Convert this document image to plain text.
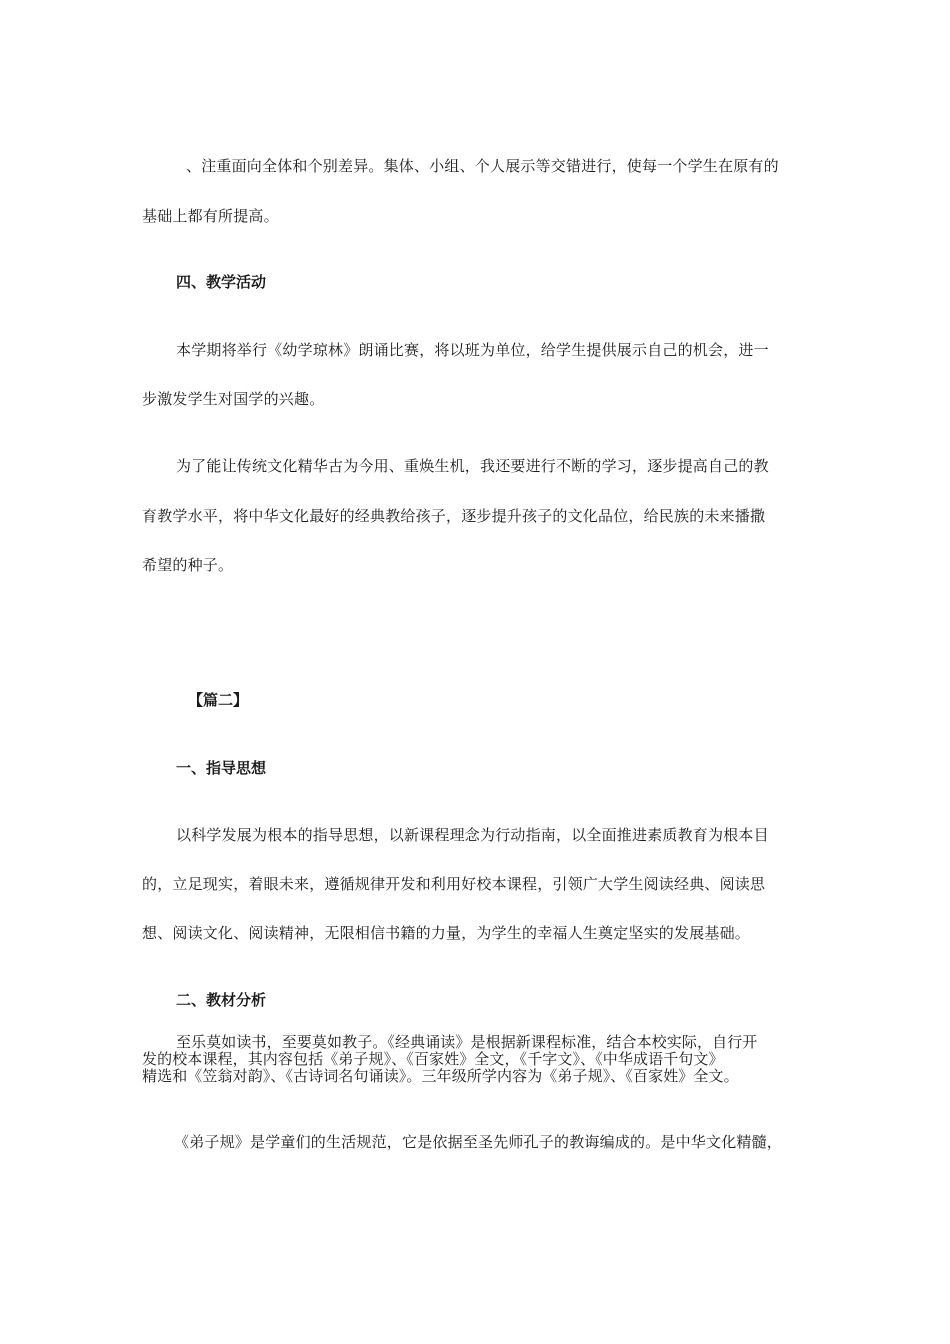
、注重面向全体和个别差异。集体、小组、个人展示等交错进行，使每一个学生在原有的
基础上都有所提高。
四、教学活动
本学期将举行《幼学琼林》朗诵比赛，将以班为单位，给学生提供展示自己的机会，进一
步激发学生对国学的兴趣。
为了能让传统文化精华古为今用、重焕生机，我还要进行不断的学习，逐步提高自己的教
育教学水平，将中华文化最好的经典教给孩子，逐步提升孩子的文化品位，给民族的未来播撒
希望的种子。
【篇二】
一、指导思想
以科学发展为根本的指导思想，以新课程理念为行动指南，以全面推进素质教育为根本目
的，立足现实，着眼未来，遵循规律开发和利用好校本课程，引领广大学生阅读经典、阅读思
想、阅读文化、阅读精神，无限相信书籍的力量，为学生的幸福人生奠定坚实的发展基础。
二、教材分析
至乐莫如读书，至要莫如教子。《经典诵读》是根据新课程标准，结合本校实际，自行开
发的校本课程，其内容包括《弟子规》、《百家姓》全文，《千字文》、《中华成语千句文》
精选和《笠翁对韵》、《古诗词名句诵读》。三年级所学内容为《弟子规》、《百家姓》全文。
《弟子规》是学童们的生活规范，它是依据至圣先师孔子的教诲编成的。是中华文化精髓，
